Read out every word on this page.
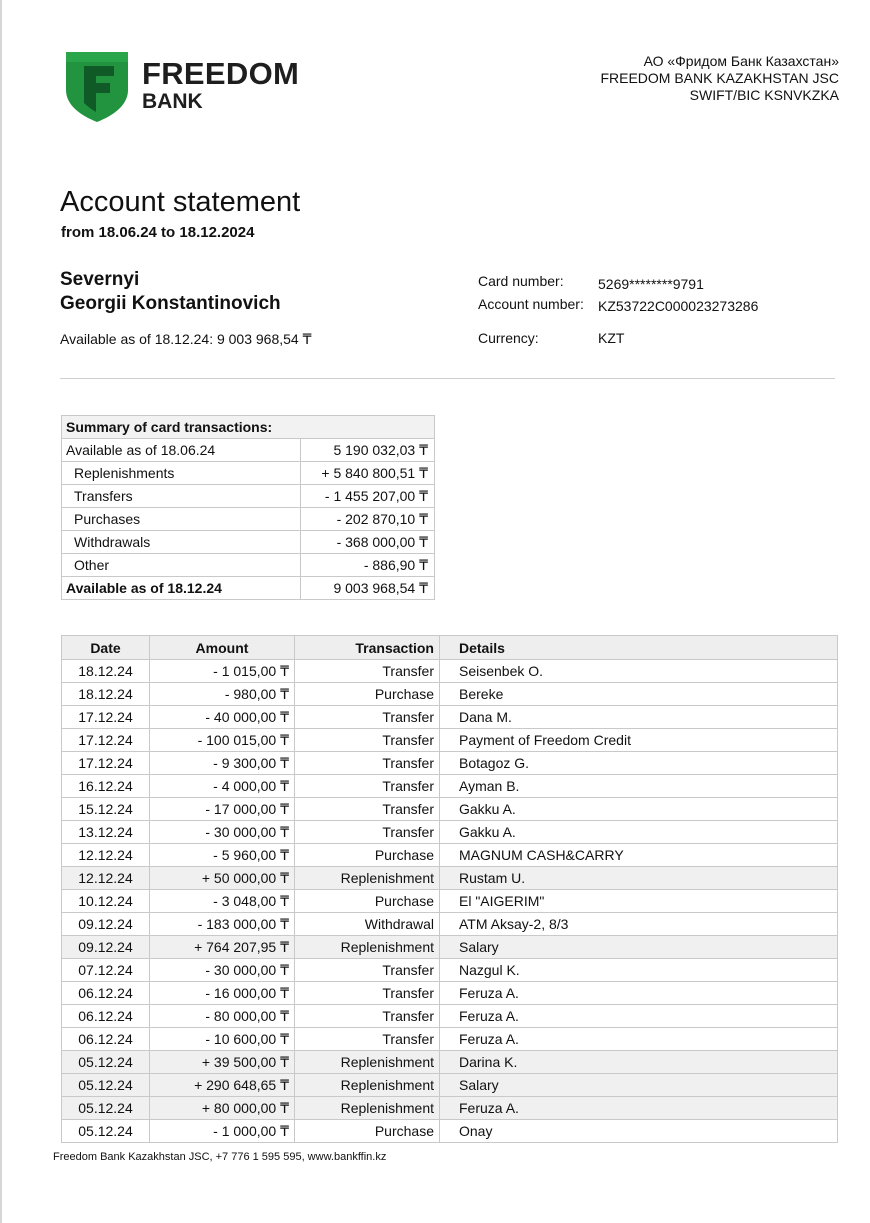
FREEDOM
BANK
АО «Фридом Банк Казахстан»
FREEDOM BANK KAZAKHSTAN JSC
SWIFT/BIC KSNVKZKA
Account statement
from 18.06.24 to 18.12.2024
Severnyi
Georgii Konstantinovich
Available as of 18.12.24: 9 003 968,54 ₸
Card number: 5269********9791
Account number: KZ53722C000023273286
Currency:	KZT
Summary of card transactions:	
Available as of 18.06.24	5 190 032,03 ₸
Replenishments	+ 5 840 800,51 ₸
Transfers	- 1 455 207,00 ₸
Purchases	- 202 870,10 ₸
Withdrawals	- 368 000,00 ₸
Other	- 886,90 ₸
Available as of 18.12.24	9 003 968,54 ₸
Date	Amount	Transaction	Details
18.12.24	- 1 015,00 ₸	Transfer	Seisenbek O.
18.12.24	- 980,00 ₸	Purchase	Bereke
17.12.24	- 40 000,00 ₸	Transfer	Dana M.
17.12.24	- 100 015,00 ₸	Transfer	Payment of Freedom Credit
17.12.24	- 9 300,00 ₸	Transfer	Botagoz G.
16.12.24	- 4 000,00 ₸	Transfer	Ayman B.
15.12.24	- 17 000,00 ₸	Transfer	Gakku A.
13.12.24	- 30 000,00 ₸	Transfer	Gakku A.
12.12.24	- 5 960,00 ₸	Purchase	MAGNUM CASH&CARRY
12.12.24	+ 50 000,00 ₸	Replenishment	Rustam U.
10.12.24	- 3 048,00 ₸	Purchase	El "AIGERIM"
09.12.24	- 183 000,00 ₸	Withdrawal	ATM Aksay-2, 8/3
09.12.24	+ 764 207,95 ₸	Replenishment	Salary
07.12.24	- 30 000,00 ₸	Transfer	Nazgul K.
06.12.24	- 16 000,00 ₸	Transfer	Feruza A.
06.12.24	- 80 000,00 ₸	Transfer	Feruza A.
06.12.24	- 10 600,00 ₸	Transfer	Feruza A.
05.12.24	+ 39 500,00 ₸	Replenishment	Darina K.
05.12.24	+ 290 648,65 ₸	Replenishment	Salary
05.12.24	+ 80 000,00 ₸	Replenishment	Feruza A.
05.12.24	- 1 000,00 ₸	Purchase	Onay
Freedom Bank Kazakhstan JSC, +7 776 1 595 595, www.bankffin.kz
